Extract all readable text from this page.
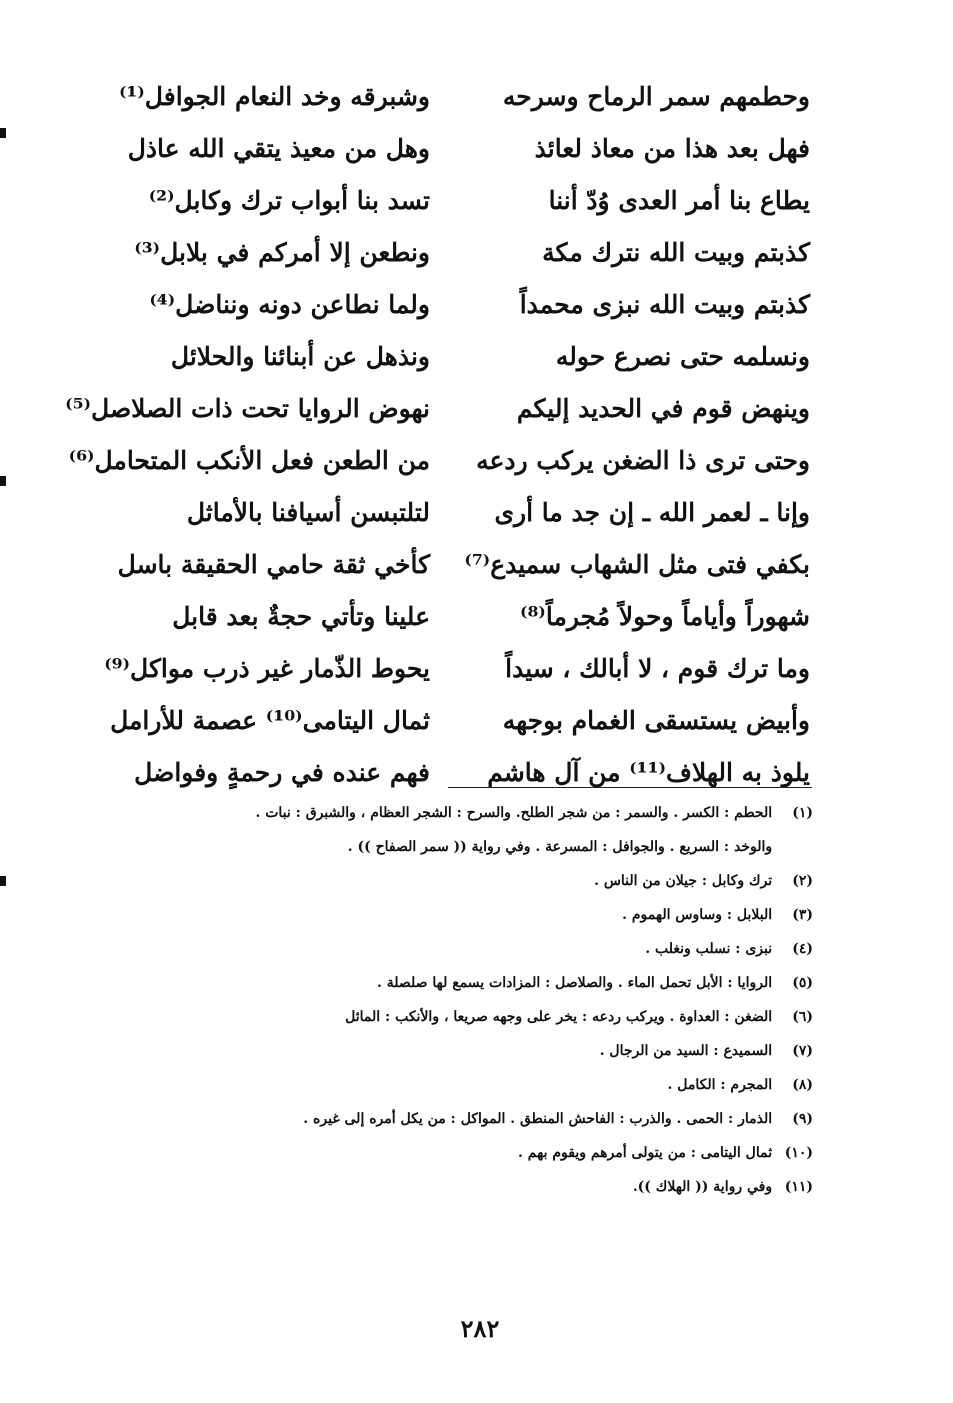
وحطمهم سمر الرماح وسرحه
وشبرقه وخد النعام الجوافل⁽¹⁾
فهل بعد هذا من معاذ لعائذ
وهل من معيذ يتقي الله عاذل
يطاع بنا أمر العدى وُدّ أننا
تسد بنا أبواب ترك وكابل⁽²⁾
كذبتم وبيت الله نترك مكة
ونطعن إلا أمركم في بلابل⁽³⁾
كذبتم وبيت الله نبزى محمداً
ولما نطاعن دونه ونناضل⁽⁴⁾
ونسلمه حتى نصرع حوله
ونذهل عن أبنائنا والحلائل
وينهض قوم في الحديد إليكم
نهوض الروايا تحت ذات الصلاصل⁽⁵⁾
وحتى ترى ذا الضغن يركب ردعه
من الطعن فعل الأنكب المتحامل⁽⁶⁾
وإنا ـ لعمر الله ـ إن جد ما أرى
لتلتبسن أسيافنا بالأماثل
بكفي فتى مثل الشهاب سميدع⁽⁷⁾
كأخي ثقة حامي الحقيقة باسل
شهوراً وأياماً وحولاً مُجرماً⁽⁸⁾
علينا وتأتي حجةٌ بعد قابل
وما ترك قوم ، لا أبالك ، سيداً
يحوط الذّمار غير ذرب مواكل⁽⁹⁾
وأبيض يستسقى الغمام بوجهه
ثمال اليتامى⁽¹⁰⁾ عصمة للأرامل
يلوذ به الهلاف⁽¹¹⁾ من آل هاشم
فهم عنده في رحمةٍ وفواضل
(١) الحطم : الكسر . والسمر : من شجر الطلح. والسرح : الشجر العظام ، والشبرق : نبات .
والوخد : السريع . والجوافل : المسرعة . وفي رواية (( سمر الصفاح )) .
(٢) ترك وكابل : جيلان من الناس .
(٣) البلابل : وساوس الهموم .
(٤) نبزى : نسلب ونغلب .
(٥) الروايا : الأبل تحمل الماء . والصلاصل : المزادات يسمع لها صلصلة .
(٦) الضغن : العداوة . ويركب ردعه : يخر على وجهه صريعا ، والأنكب : المائل
(٧) السميدع : السيد من الرجال .
(٨) المجرم : الكامل .
(٩) الذمار : الحمى . والذرب : الفاحش المنطق . المواكل : من يكل أمره إلى غيره .
(١٠) ثمال اليتامى : من يتولى أمرهم ويقوم بهم .
(١١) وفي رواية (( الهلاك )).
٢٨٢
